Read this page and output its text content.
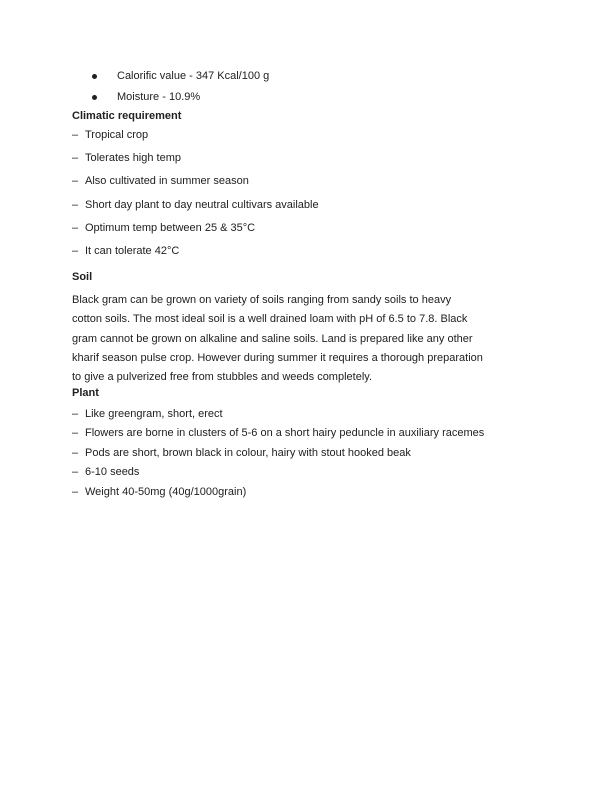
Calorific value - 347 Kcal/100 g
Moisture - 10.9%
Climatic requirement
– Tropical crop
– Tolerates high temp
– Also cultivated in summer season
– Short day plant to day neutral cultivars available
– Optimum temp between 25 & 35°C
– It can tolerate 42°C
Soil
Black gram can be grown on variety of soils ranging from sandy soils to heavy
cotton soils. The most ideal soil is a well drained loam with pH of 6.5 to 7.8. Black
gram cannot be grown on alkaline and saline soils. Land is prepared like any other
kharif season pulse crop. However during summer it requires a thorough preparation
to give a pulverized free from stubbles and weeds completely.
Plant
– Like greengram, short, erect
– Flowers are borne in clusters of 5-6 on a short hairy peduncle in auxiliary racemes
– Pods are short, brown black in colour, hairy with stout hooked beak
– 6-10 seeds
– Weight 40-50mg (40g/1000grain)
